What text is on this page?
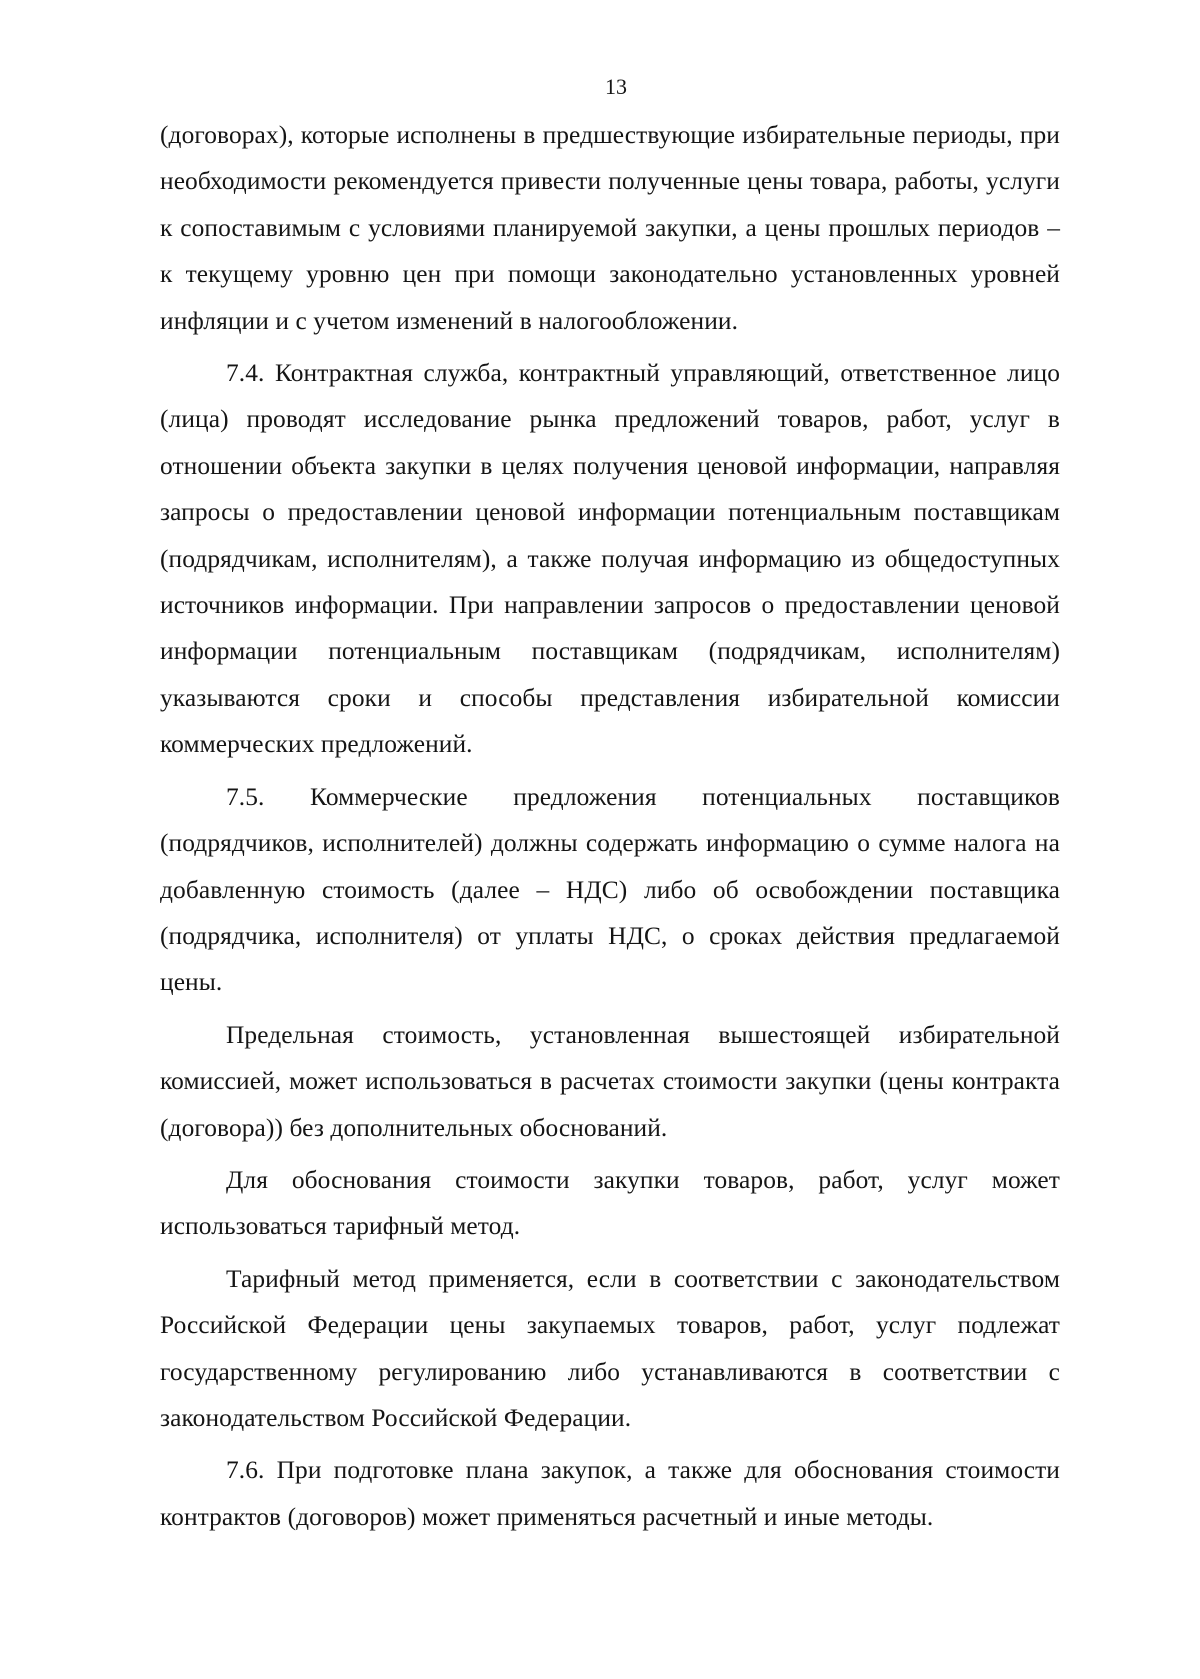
13

(договорах), которые исполнены в предшествующие избирательные периоды, при необходимости рекомендуется привести полученные цены товара, работы, услуги к сопоставимым с условиями планируемой закупки, а цены прошлых периодов – к текущему уровню цен при помощи законодательно установленных уровней инфляции и с учетом изменений в налогообложении.

7.4. Контрактная служба, контрактный управляющий, ответственное лицо (лица) проводят исследование рынка предложений товаров, работ, услуг в отношении объекта закупки в целях получения ценовой информации, направляя запросы о предоставлении ценовой информации потенциальным поставщикам (подрядчикам, исполнителям), а также получая информацию из общедоступных источников информации. При направлении запросов о предоставлении ценовой информации потенциальным поставщикам (подрядчикам, исполнителям) указываются сроки и способы представления избирательной комиссии коммерческих предложений.

7.5. Коммерческие предложения потенциальных поставщиков (подрядчиков, исполнителей) должны содержать информацию о сумме налога на добавленную стоимость (далее – НДС) либо об освобождении поставщика (подрядчика, исполнителя) от уплаты НДС, о сроках действия предлагаемой цены.

Предельная стоимость, установленная вышестоящей избирательной комиссией, может использоваться в расчетах стоимости закупки (цены контракта (договора)) без дополнительных обоснований.

Для обоснования стоимости закупки товаров, работ, услуг может использоваться тарифный метод.

Тарифный метод применяется, если в соответствии с законодательством Российской Федерации цены закупаемых товаров, работ, услуг подлежат государственному регулированию либо устанавливаются в соответствии с законодательством Российской Федерации.

7.6. При подготовке плана закупок, а также для обоснования стоимости контрактов (договоров) может применяться расчетный и иные методы.
